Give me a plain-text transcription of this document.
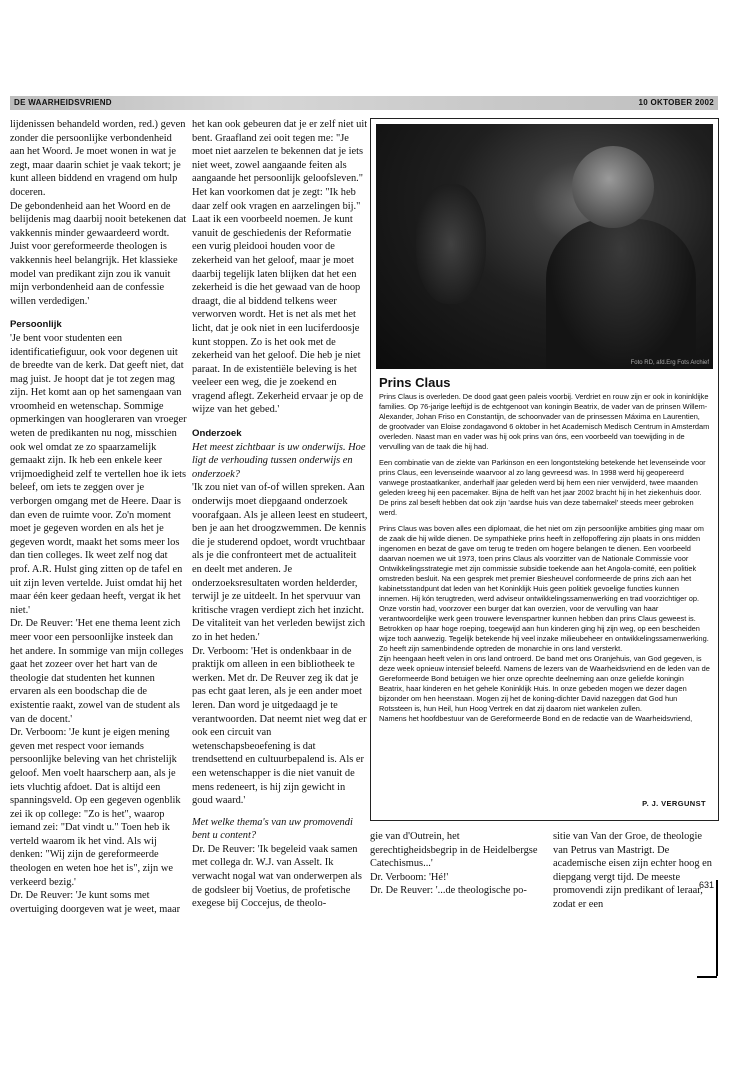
DE WAARHEIDSVRIEND	10 OKTOBER 2002

lijdenissen behandeld worden, red.) geven zonder die persoonlijke verbondenheid aan het Woord. Je moet wonen in wat je zegt, maar daarin schiet je vaak tekort; je kunt alleen biddend en vragend om hulp doceren.

De gebondenheid aan het Woord en de belijdenis mag daarbij nooit betekenen dat vakkennis minder gewaardeerd wordt. Juist voor gereformeerde theologen is vakkennis heel belangrijk. Het klassieke model van predikant zijn zou ik vanuit mijn verbondenheid aan de confessie willen verdedigen.'

Persoonlijk

'Je bent voor studenten een identificatiefiguur, ook voor degenen uit de breedte van de kerk. Dat geeft niet, dat mag juist. Je hoopt dat je tot zegen mag zijn. Het komt aan op het samengaan van vroomheid en wetenschap. Sommige opmerkingen van hoogleraren van vroeger weten de predikanten nu nog, misschien ook wel omdat ze zo spaarzamelijk gemaakt zijn. Ik heb een enkele keer vrijmoedigheid zelf te vertellen hoe ik iets beleef, om iets te zeggen over je verborgen omgang met de Heere. Daar is dan even de ruimte voor. Zo'n moment moet je gegeven worden en als het je gegeven wordt, maakt het soms meer los dan tien colleges. Ik weet zelf nog dat prof. A.R. Hulst ging zitten op de tafel en uit zijn leven vertelde. Juist omdat hij het maar één keer gedaan heeft, vergat ik het niet.'

Dr. De Reuver: 'Het ene thema leent zich meer voor een persoonlijke insteek dan het andere. In sommige van mijn colleges gaat het zozeer over het hart van de theologie dat studenten het kunnen ervaren als een boodschap die de existentie raakt, zowel van de student als van de docent.'

Dr. Verboom: 'Je kunt je eigen mening geven met respect voor iemands persoonlijke beleving van het christelijk geloof. Men voelt haarscherp aan, als je iets vluchtig afdoet. Dat is altijd een spanningsveld. Op een gegeven ogenblik zei ik op college: "Zo is het", waarop iemand zei: "Dat vindt u." Toen heb ik verteld waarom ik het vind. Als wij denken: "Wij zijn de gereformeerde theologen en weten hoe het is", zijn we verkeerd bezig.'

Dr. De Reuver: 'Je kunt soms met overtuiging doorgeven wat je weet, maar

het kan ook gebeuren dat je er zelf niet uit bent. Graafland zei ooit tegen me: "Je moet niet aarzelen te bekennen dat je iets niet weet, zowel aangaande feiten als aangaande het persoonlijk geloofsleven." Het kan voorkomen dat je zegt: "Ik heb daar zelf ook vragen en aarzelingen bij." Laat ik een voorbeeld noemen. Je kunt vanuit de geschiedenis der Reformatie een vurig pleidooi houden voor de zekerheid van het geloof, maar je moet daarbij tegelijk laten blijken dat het een zekerheid is die het gewaad van de hoop draagt, die al biddend telkens weer verworven wordt. Het is net als met het licht, dat je ook niet in een luciferdoosje kunt stoppen. Zo is het ook met de zekerheid van het geloof. Die heb je niet paraat. In de existentiële beleving is het veeleer een weg, die je zoekend en vragend aflegt. Zekerheid ervaar je op de wijze van het gebed.'

Onderzoek

Het meest zichtbaar is uw onderwijs. Hoe ligt de verhouding tussen onderwijs en onderzoek?

'Ik zou niet van of-of willen spreken. Aan onderwijs moet diepgaand onderzoek voorafgaan. Als je alleen leest en studeert, ben je aan het droogzwemmen. De kennis die je studerend opdoet, wordt vruchtbaar als je die confronteert met de actualiteit en deelt met anderen. Je onderzoeksresultaten worden helderder, terwijl je ze uitdeelt. In het spervuur van kritische vragen verdiept zich het inzicht. De vitaliteit van het verleden bewijst zich zo in het heden.'

Dr. Verboom: 'Het is ondenkbaar in de praktijk om alleen in een bibliotheek te werken. Met dr. De Reuver zeg ik dat je pas echt gaat leren, als je een ander moet leren. Dan word je uitgedaagd je te verantwoorden. Dat neemt niet weg dat er ook een circuit van wetenschapsbeoefening is dat trendsettend en cultuurbepalend is. Als er een wetenschapper is die niet vanuit de mens redeneert, is hij zijn gewicht in goud waard.'

Met welke thema's van uw promovendi bent u content?

Dr. De Reuver: 'Ik begeleid vaak samen met collega dr. W.J. van Asselt. Ik verwacht nogal wat van onderwerpen als de godsleer bij Voetius, de profetische exegese bij Coccejus, de theolo-

Foto RD, afd.Erg Fots Archief
Prins Claus

Prins Claus is overleden. De dood gaat geen paleis voorbij. Verdriet en rouw zijn er ook in koninklijke families. Op 76-jarige leeftijd is de echtgenoot van koningin Beatrix, de vader van de prinsen Willem-Alexander, Johan Friso en Constantijn, de schoonvader van de prinsessen Máxima en Laurentien, de grootvader van Eloise zondagavond 6 oktober in het Academisch Medisch Centrum in Amsterdam overleden. Naast man en vader was hij ook prins van óns, een voorbeeld van toewijding in de vervulling van de taak die hij had.

Een combinatie van de ziekte van Parkinson en een longontsteking betekende het levenseinde voor prins Claus, een levenseinde waarvoor al zo lang gevreesd was. In 1998 werd hij geopereerd vanwege prostaatkanker, anderhalf jaar geleden werd bij hem een nier verwijderd, twee maanden geleden kreeg hij een pacemaker. Bijna de helft van het jaar 2002 bracht hij in het ziekenhuis door. De prins zal beseft hebben dat ook zijn 'aardse huis van deze tabernakel' steeds meer gebroken werd.

Prins Claus was boven alles een diplomaat, die het niet om zijn persoonlijke ambities ging maar om de zaak die hij wilde dienen. De sympathieke prins heeft in zelfopoffering zijn plaats in ons midden ingenomen en bezat de gave om terug te treden om hogere belangen te dienen. Een voorbeeld daarvan noemen we uit 1973, toen prins Claus als voorzitter van de Nationale Commissie voor Ontwikkelingsstrategie met zijn commissie subsidie toekende aan het Angola-comité, een politiek omstreden besluit. Na een gesprek met premier Biesheuvel conformeerde de prins zich aan het kabinetsstandpunt dat leden van het Koninklijk Huis geen politiek gevoelige functies kunnen innemen. Hij kón terugtreden, werd adviseur ontwikkelingssamenwerking en trad voorzichtiger op. Onze vorstin had, voorzover een burger dat kan overzien, voor de vervulling van haar verantwoordelijke werk geen trouwere levenspartner kunnen hebben dan prins Claus geweest is. Betrokken op haar hoge roeping, toegewijd aan hun kinderen ging hij zijn weg, op een bescheiden wijze toch aanwezig. Tegelijk betekende hij veel inzake milieubeheer en ontwikkelingssamenwerking. Zo heeft zijn samenbindende optreden de monarchie in ons land versterkt.

Zijn heengaan heeft velen in ons land ontroerd. De band met ons Oranjehuis, van God gegeven, is deze week opnieuw intensief beleefd. Namens de lezers van de Waarheidsvriend en de leden van de Gereformeerde Bond betuigen we hier onze oprechte deelneming aan onze geliefde koningin Beatrix, haar kinderen en het gehele Koninklijk Huis. In onze gebeden mogen we dezer dagen bijzonder om hen heenstaan. Mogen zij het de koning-dichter David nazeggen dat God hun Rotssteen is, hun Heil, hun Hoog Vertrek en dat zij daarom niet wankelen zullen.

Namens het hoofdbestuur van de Gereformeerde Bond en de redactie van de Waarheidsvriend,

P. J. VERGUNST

gie van d'Outrein, het gerechtigheidsbegrip in de Heidelbergse Catechismus...'

Dr. Verboom: 'Hé!'

Dr. De Reuver: '...de theologische po-

sitie van Van der Groe, de theologie van Petrus van Mastrigt. De academische eisen zijn echter hoog en diepgang vergt tijd. De meeste promovendi zijn predikant of leraar, zodat er een

631
